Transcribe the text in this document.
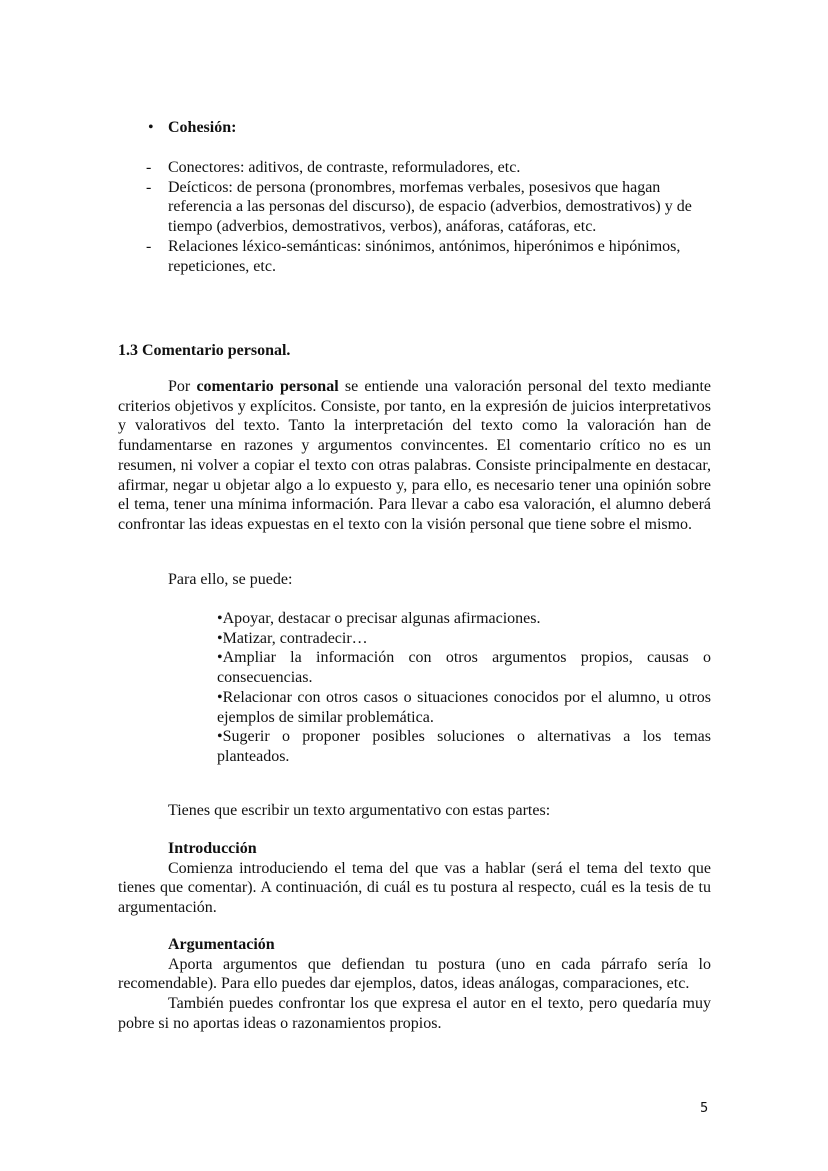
• Cohesión:
- Conectores: aditivos, de contraste, reformuladores, etc.
- Deícticos: de persona (pronombres, morfemas verbales, posesivos que hagan referencia a las personas del discurso), de espacio (adverbios, demostrativos) y de tiempo (adverbios, demostrativos, verbos), anáforas, catáforas, etc.
- Relaciones léxico-semánticas: sinónimos, antónimos, hiperónimos e hipónimos, repeticiones, etc.
1.3 Comentario personal.
Por comentario personal se entiende una valoración personal del texto mediante criterios objetivos y explícitos. Consiste, por tanto, en la expresión de juicios interpretativos y valorativos del texto. Tanto la interpretación del texto como la valoración han de fundamentarse en razones y argumentos convincentes. El comentario crítico no es un resumen, ni volver a copiar el texto con otras palabras. Consiste principalmente en destacar, afirmar, negar u objetar algo a lo expuesto y, para ello, es necesario tener una opinión sobre el tema, tener una mínima información. Para llevar a cabo esa valoración, el alumno deberá confrontar las ideas expuestas en el texto con la visión personal que tiene sobre el mismo.
Para ello, se puede:
•Apoyar, destacar o precisar algunas afirmaciones.
•Matizar, contradecir…
•Ampliar la información con otros argumentos propios, causas o consecuencias.
•Relacionar con otros casos o situaciones conocidos por el alumno, u otros ejemplos de similar problemática.
•Sugerir o proponer posibles soluciones o alternativas a los temas planteados.
Tienes que escribir un texto argumentativo con estas partes:
Introducción
Comienza introduciendo el tema del que vas a hablar (será el tema del texto que tienes que comentar). A continuación, di cuál es tu postura al respecto, cuál es la tesis de tu argumentación.
Argumentación
Aporta argumentos que defiendan tu postura (uno en cada párrafo sería lo recomendable). Para ello puedes dar ejemplos, datos, ideas análogas, comparaciones, etc.
También puedes confrontar los que expresa el autor en el texto, pero quedaría muy pobre si no aportas ideas o razonamientos propios.
5
